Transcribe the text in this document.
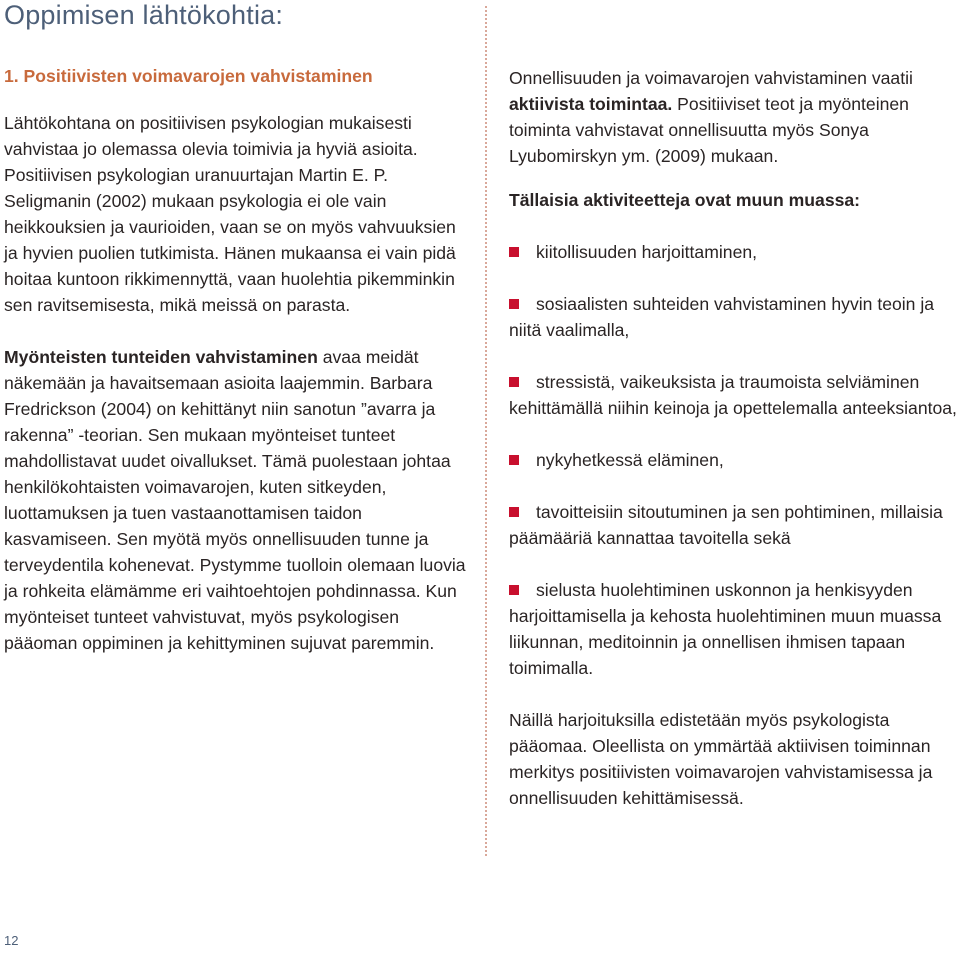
Oppimisen lähtökohtia:
1. Positiivisten voimavarojen vahvistaminen

Lähtökohtana on positiivisen psykologian mukaisesti vahvistaa jo olemassa olevia toimivia ja hyviä asioita. Positiivisen psykologian uranuurtajan Martin E. P. Seligmanin (2002) mukaan psykologia ei ole vain heikkouksien ja vaurioiden, vaan se on myös vahvuuksien ja hyvien puolien tutkimista. Hänen mukaansa ei vain pidä hoitaa kuntoon rikkimennyttä, vaan huolehtia pikemminkin sen ravitsemisesta, mikä meissä on parasta.

Myönteisten tunteiden vahvistaminen avaa meidät näkemään ja havaitsemaan asioita laajemmin. Barbara Fredrickson (2004) on kehittänyt niin sanotun ”avarra ja rakenna” -teorian. Sen mukaan myönteiset tunteet mahdollistavat uudet oivallukset. Tämä puolestaan johtaa henkilökohtaisten voimavarojen, kuten sitkeyden, luottamuksen ja tuen vastaanottamisen taidon kasvamiseen. Sen myötä myös onnellisuuden tunne ja terveydentila kohenevat. Pystymme tuolloin olemaan luovia ja rohkeita elämämme eri vaihtoehtojen pohdinnassa. Kun myönteiset tunteet vahvistuvat, myös psykologisen pääoman oppiminen ja kehittyminen sujuvat paremmin.

Onnellisuuden ja voimavarojen vahvistaminen vaatii aktiivista toimintaa. Positiiviset teot ja myönteinen toiminta vahvistavat onnellisuutta myös Sonya Lyubomirskyn ym. (2009) mukaan.

Tällaisia aktiviteetteja ovat muun muassa:

kiitollisuuden harjoittaminen,
sosiaalisten suhteiden vahvistaminen hyvin teoin ja niitä vaalimalla,
stressistä, vaikeuksista ja traumoista selviäminen kehittämällä niihin keinoja ja opettelemalla anteeksiantoa,
nykyhetkessä eläminen,
tavoitteisiin sitoutuminen ja sen pohtiminen, millaisia päämääriä kannattaa tavoitella sekä
sielusta huolehtiminen uskonnon ja henkisyyden harjoittamisella ja kehosta huolehtiminen muun muassa liikunnan, meditoinnin ja onnellisen ihmisen tapaan toimimalla.

Näillä harjoituksilla edistetään myös psykologista pääomaa. Oleellista on ymmärtää aktiivisen toiminnan merkitys positiivisten voimavarojen vahvistamisessa ja onnellisuuden kehittämisessä.

12
